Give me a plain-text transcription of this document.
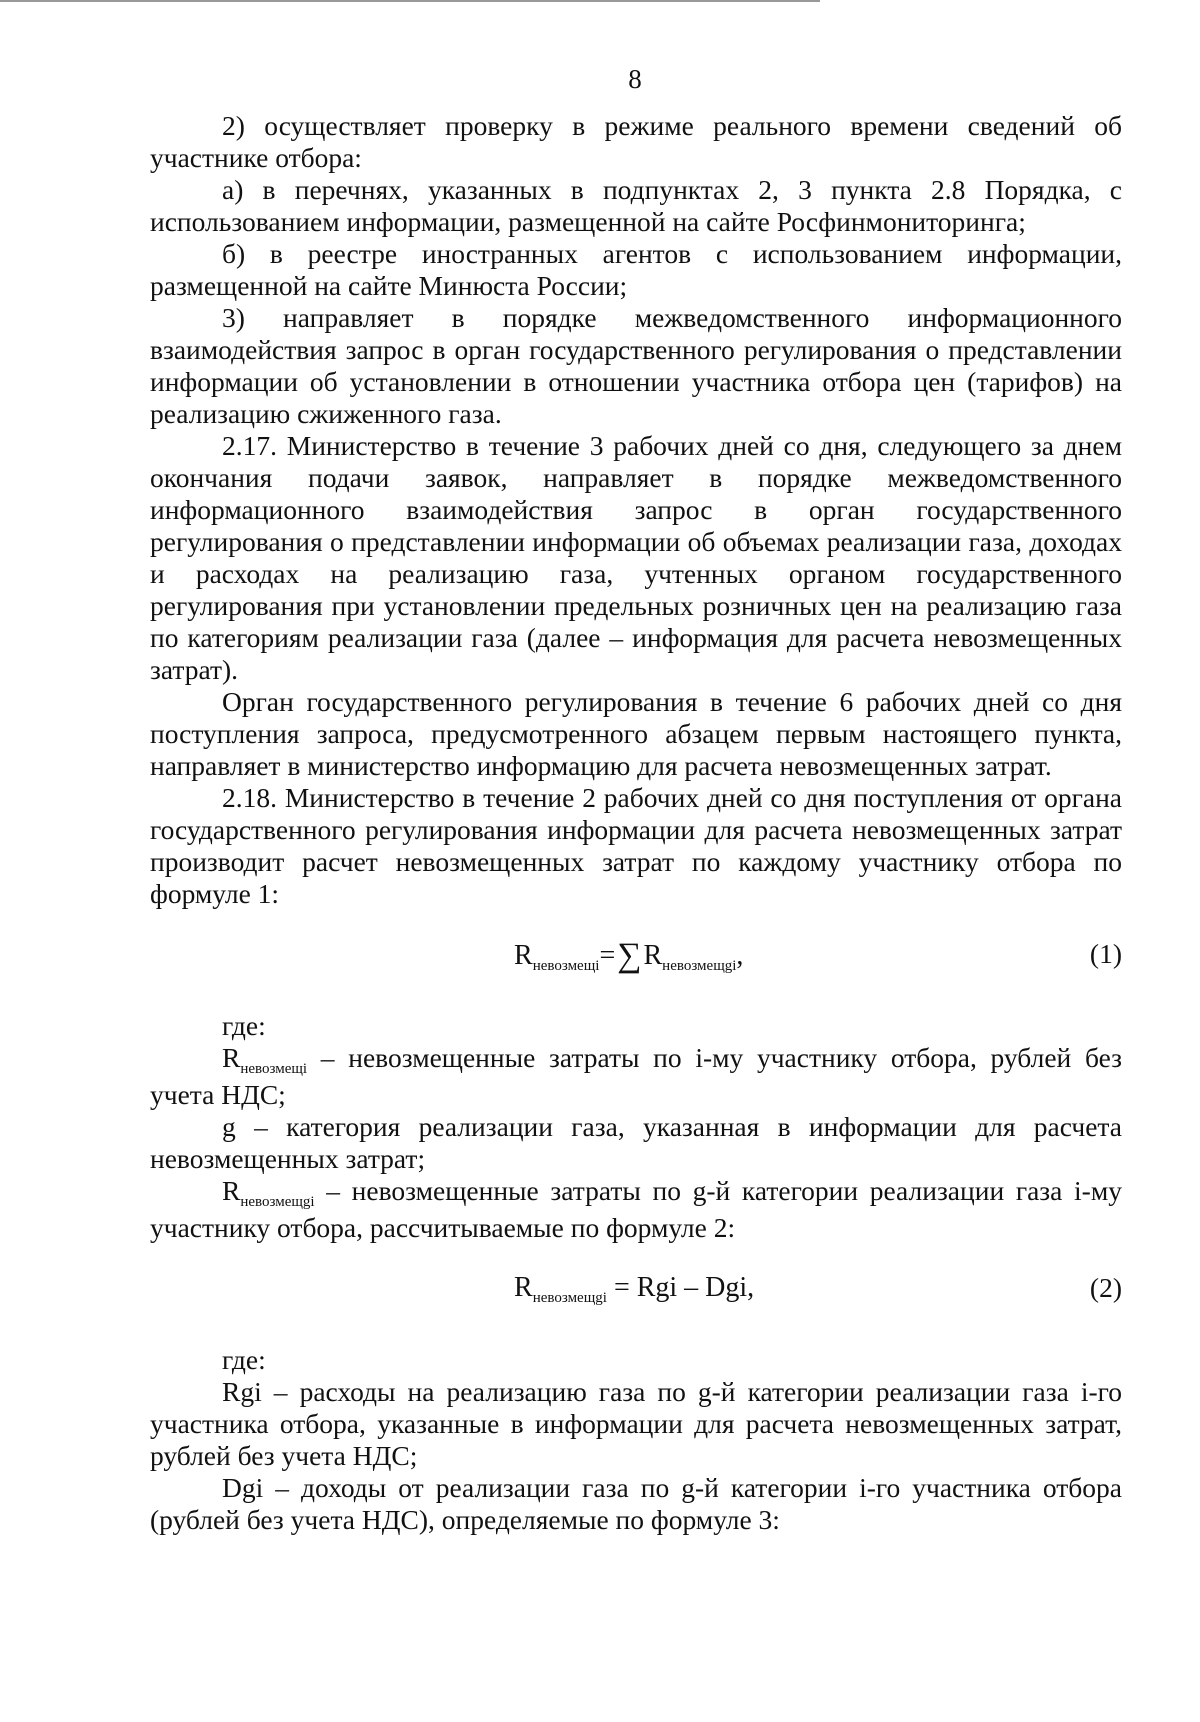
8

2) осуществляет проверку в режиме реального времени сведений об участнике отбора:

а) в перечнях, указанных в подпунктах 2, 3 пункта 2.8 Порядка, с использованием информации, размещенной на сайте Росфинмониторинга;

б) в реестре иностранных агентов с использованием информации, размещенной на сайте Минюста России;

3) направляет в порядке межведомственного информационного взаимодействия запрос в орган государственного регулирования о представлении информации об установлении в отношении участника отбора цен (тарифов) на реализацию сжиженного газа.

2.17. Министерство в течение 3 рабочих дней со дня, следующего за днем окончания подачи заявок, направляет в порядке межведомственного информационного взаимодействия запрос в орган государственного регулирования о представлении информации об объемах реализации газа, доходах и расходах на реализацию газа, учтенных органом государственного регулирования при установлении предельных розничных цен на реализацию газа по категориям реализации газа (далее – информация для расчета невозмещенных затрат).

Орган государственного регулирования в течение 6 рабочих дней со дня поступления запроса, предусмотренного абзацем первым настоящего пункта, направляет в министерство информацию для расчета невозмещенных затрат.

2.18. Министерство в течение 2 рабочих дней со дня поступления от органа государственного регулирования информации для расчета невозмещенных затрат производит расчет невозмещенных затрат по каждому участнику отбора по формуле 1:

$R_{невозмещi}=\sum R_{невозмещgi}$,	(1)

где:

$R_{невозмещi}$ – невозмещенные затраты по i-му участнику отбора, рублей без учета НДС;

g – категория реализации газа, указанная в информации для расчета невозмещенных затрат;

$R_{невозмещgi}$ – невозмещенные затраты по g-й категории реализации газа i-му участнику отбора, рассчитываемые по формуле 2:

$R_{невозмещgi}$ = Rgi – Dgi,	(2)

где:

Rgi – расходы на реализацию газа по g-й категории реализации газа i-го участника отбора, указанные в информации для расчета невозмещенных затрат, рублей без учета НДС;

Dgi – доходы от реализации газа по g-й категории i-го участника отбора (рублей без учета НДС), определяемые по формуле 3:
